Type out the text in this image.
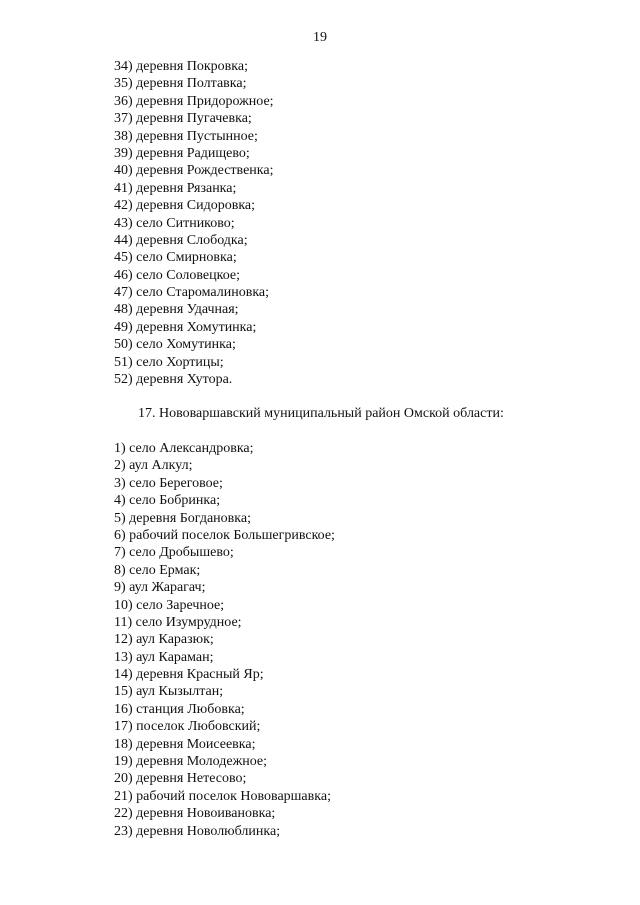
19
34) деревня Покровка;
35) деревня Полтавка;
36) деревня Придорожное;
37) деревня Пугачевка;
38) деревня Пустынное;
39) деревня Радищево;
40) деревня Рождественка;
41) деревня Рязанка;
42) деревня Сидоровка;
43) село Ситниково;
44) деревня Слободка;
45) село Смирновка;
46) село Соловецкое;
47) село Старомалиновка;
48) деревня Удачная;
49) деревня Хомутинка;
50) село Хомутинка;
51) село Хортицы;
52) деревня Хутора.
17. Нововаршавский муниципальный район Омской области:
1) село Александровка;
2) аул Алкул;
3) село Береговое;
4) село Бобринка;
5) деревня Богдановка;
6) рабочий поселок Большегривское;
7) село Дробышево;
8) село Ермак;
9) аул Жарагач;
10) село Заречное;
11) село Изумрудное;
12) аул Каразюк;
13) аул Караман;
14) деревня Красный Яр;
15) аул Кызылтан;
16) станция Любовка;
17) поселок Любовский;
18) деревня Моисеевка;
19) деревня Молодежное;
20) деревня Нетесово;
21) рабочий поселок Нововаршавка;
22) деревня Новоивановка;
23) деревня Новолюблинка;
